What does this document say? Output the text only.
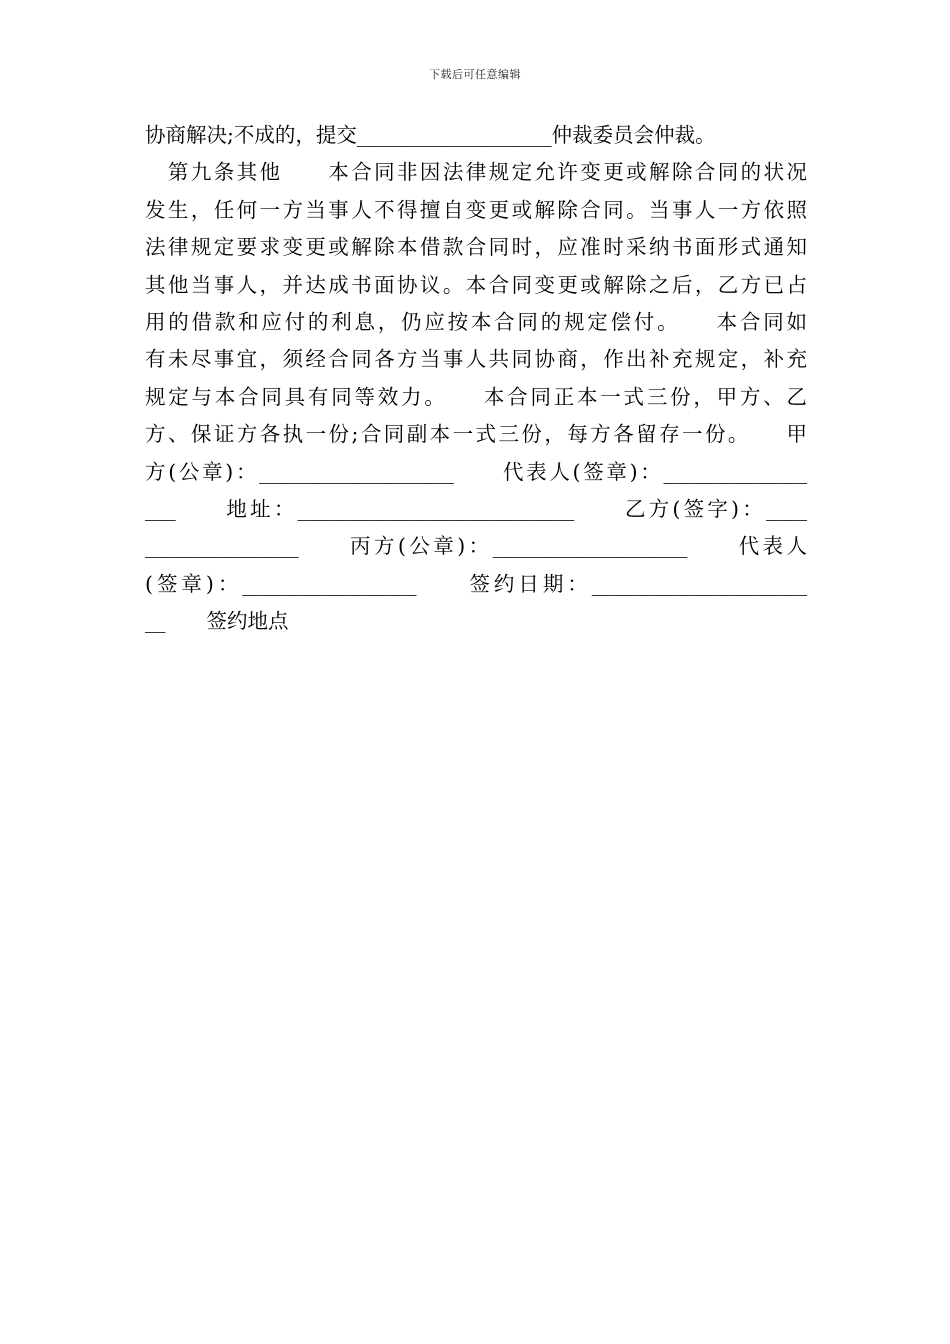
下载后可任意编辑
协商解决;不成的，提交___________________仲裁委员会仲裁。
　第九条其他　　本合同非因法律规定允许变更或解除合同的状况
发生，任何一方当事人不得擅自变更或解除合同。当事人一方依照
法律规定要求变更或解除本借款合同时，应准时采纳书面形式通知
其他当事人，并达成书面协议。本合同变更或解除之后，乙方已占
用的借款和应付的利息，仍应按本合同的规定偿付。　　本合同如
有未尽事宜，须经合同各方当事人共同协商，作出补充规定，补充
规定与本合同具有同等效力。　　本合同正本一式三份，甲方、乙
方、保证方各执一份;合同副本一式三份，每方各留存一份。　　甲
方(公章)：___________________　　代表人(签章)：______________
___　　地址：___________________________　　乙方(签字)：____
_______________　　丙方(公章)：___________________　　代表人
(签章)：_________________　　签约日期：_____________________
__　　签约地点
